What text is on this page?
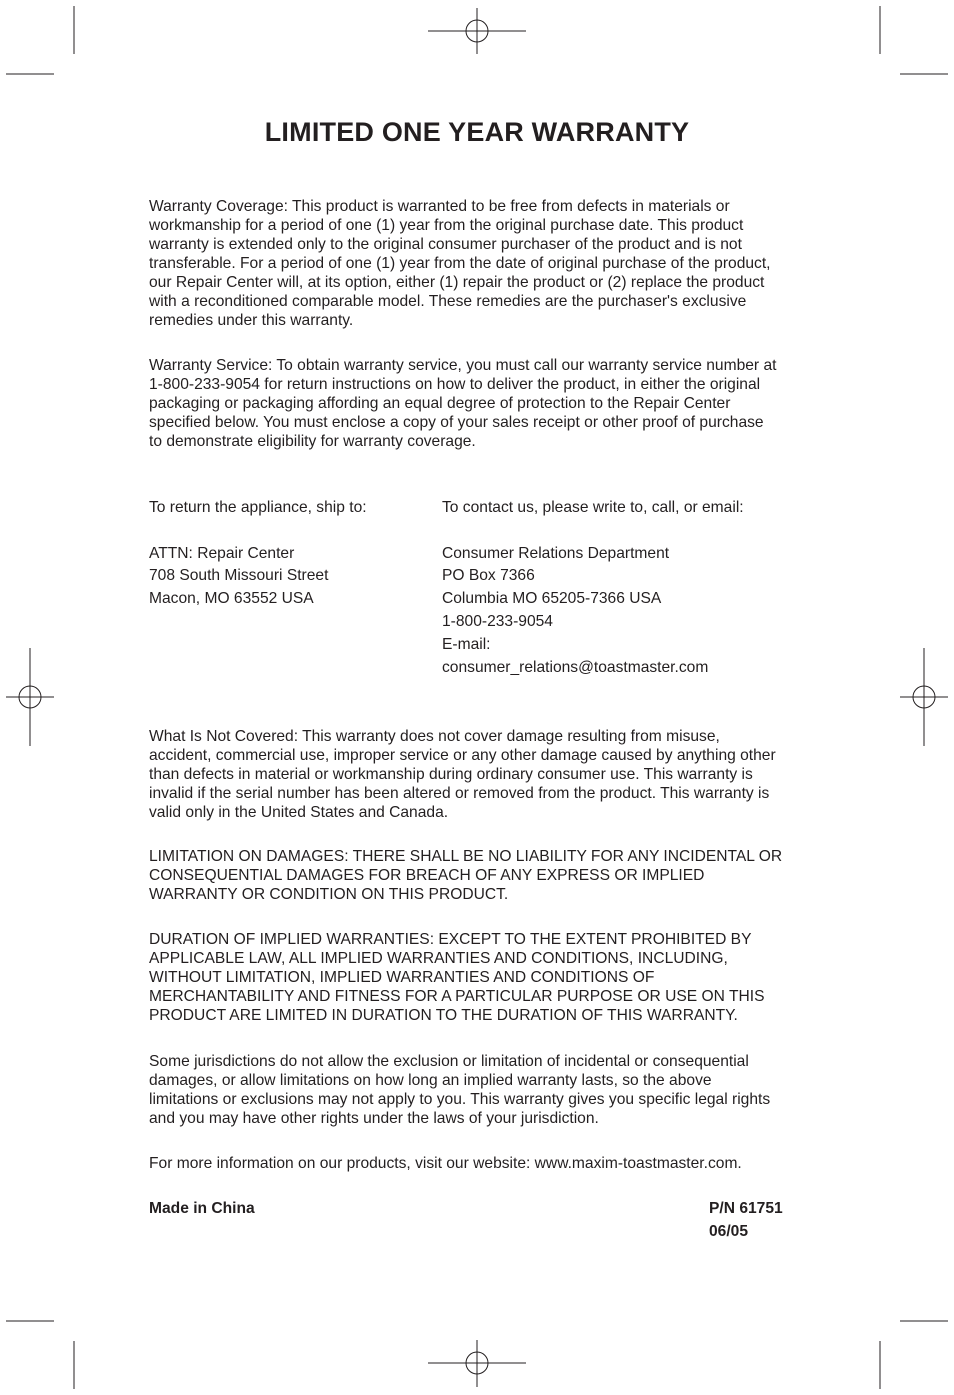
LIMITED ONE YEAR WARRANTY

Warranty Coverage: This product is warranted to be free from defects in materials or
workmanship for a period of one (1) year from the original purchase date. This product
warranty is extended only to the original consumer purchaser of the product and is not
transferable. For a period of one (1) year from the date of original purchase of the product,
our Repair Center will, at its option, either (1) repair the product or (2) replace the product
with a reconditioned comparable model. These remedies are the purchaser's exclusive
remedies under this warranty.

Warranty Service: To obtain warranty service, you must call our warranty service number at
1-800-233-9054 for return instructions on how to deliver the product, in either the original
packaging or packaging affording an equal degree of protection to the Repair Center
specified below. You must enclose a copy of your sales receipt or other proof of purchase
to demonstrate eligibility for warranty coverage.

To return the appliance, ship to:
ATTN: Repair Center
708 South Missouri Street
Macon, MO 63552 USA
To contact us, please write to, call, or email:
Consumer Relations Department
PO Box 7366
Columbia MO 65205-7366 USA
1-800-233-9054
E-mail:
consumer_relations@toastmaster.com

What Is Not Covered: This warranty does not cover damage resulting from misuse,
accident, commercial use, improper service or any other damage caused by anything other
than defects in material or workmanship during ordinary consumer use. This warranty is
invalid if the serial number has been altered or removed from the product. This warranty is
valid only in the United States and Canada.

LIMITATION ON DAMAGES: THERE SHALL BE NO LIABILITY FOR ANY INCIDENTAL OR
CONSEQUENTIAL DAMAGES FOR BREACH OF ANY EXPRESS OR IMPLIED
WARRANTY OR CONDITION ON THIS PRODUCT.

DURATION OF IMPLIED WARRANTIES: EXCEPT TO THE EXTENT PROHIBITED BY
APPLICABLE LAW, ALL IMPLIED WARRANTIES AND CONDITIONS, INCLUDING,
WITHOUT LIMITATION, IMPLIED WARRANTIES AND CONDITIONS OF
MERCHANTABILITY AND FITNESS FOR A PARTICULAR PURPOSE OR USE ON THIS
PRODUCT ARE LIMITED IN DURATION TO THE DURATION OF THIS WARRANTY.

Some jurisdictions do not allow the exclusion or limitation of incidental or consequential
damages, or allow limitations on how long an implied warranty lasts, so the above
limitations or exclusions may not apply to you. This warranty gives you specific legal rights
and you may have other rights under the laws of your jurisdiction.

For more information on our products, visit our website: www.maxim-toastmaster.com.

Made in China	P/N 61751
06/05
